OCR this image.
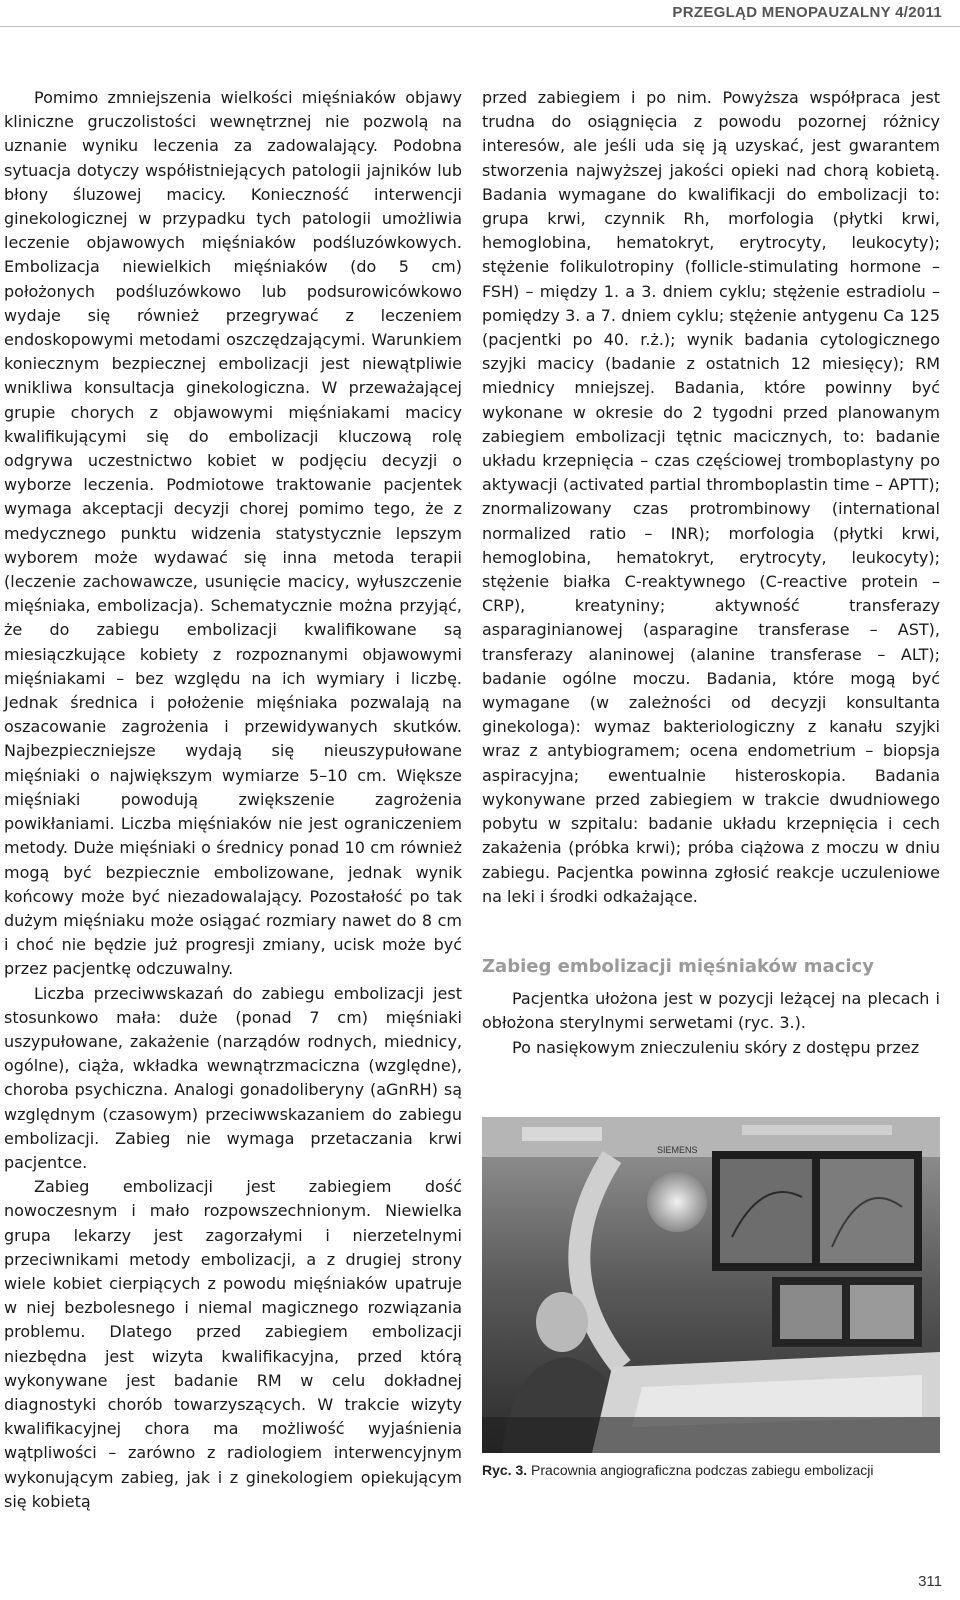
PRZEGLĄD MENOPAUZALNY 4/2011

Pomimo zmniejszenia wielkości mięśniaków objawy kliniczne gruczolistości wewnętrznej nie pozwolą na uznanie wyniku leczenia za zadowalający. Podobna sytuacja dotyczy współistniejących patologii jajników lub błony śluzowej macicy. Konieczność interwencji ginekologicznej w przypadku tych patologii umożliwia leczenie objawowych mięśniaków podśluzówkowych. Embolizacja niewielkich mięśniaków (do 5 cm) położonych podśluzówkowo lub podsurowicówkowo wydaje się również przegrywać z leczeniem endoskopowymi metodami oszczędzającymi. Warunkiem koniecznym bezpiecznej embolizacji jest niewątpliwie wnikliwa konsultacja ginekologiczna. W przeważającej grupie chorych z objawowymi mięśniakami macicy kwalifikującymi się do embolizacji kluczową rolę odgrywa uczestnictwo kobiet w podjęciu decyzji o wyborze leczenia. Podmiotowe traktowanie pacjentek wymaga akceptacji decyzji chorej pomimo tego, że z medycznego punktu widzenia statystycznie lepszym wyborem może wydawać się inna metoda terapii (leczenie zachowawcze, usunięcie macicy, wyłuszczenie mięśniaka, embolizacja). Schematycznie można przyjąć, że do zabiegu embolizacji kwalifikowane są miesiączkujące kobiety z rozpoznanymi objawowymi mięśniakami – bez względu na ich wymiary i liczbę. Jednak średnica i położenie mięśniaka pozwalają na oszacowanie zagrożenia i przewidywanych skutków. Najbezpieczniejsze wydają się nieuszypułowane mięśniaki o największym wymiarze 5–10 cm. Większe mięśniaki powodują zwiększenie zagrożenia powikłaniami. Liczba mięśniaków nie jest ograniczeniem metody. Duże mięśniaki o średnicy ponad 10 cm również mogą być bezpiecznie embolizowane, jednak wynik końcowy może być niezadowalający. Pozostałość po tak dużym mięśniaku może osiągać rozmiary nawet do 8 cm i choć nie będzie już progresji zmiany, ucisk może być przez pacjentkę odczuwalny.

Liczba przeciwwskazań do zabiegu embolizacji jest stosunkowo mała: duże (ponad 7 cm) mięśniaki uszypułowane, zakażenie (narządów rodnych, miednicy, ogólne), ciąża, wkładka wewnątrzmaciczna (względne), choroba psychiczna. Analogi gonadoliberyny (aGnRH) są względnym (czasowym) przeciwwskazaniem do zabiegu embolizacji. Zabieg nie wymaga przetaczania krwi pacjentce.

Zabieg embolizacji jest zabiegiem dość nowoczesnym i mało rozpowszechnionym. Niewielka grupa lekarzy jest zagorzałymi i nierzetelnymi przeciwnikami metody embolizacji, a z drugiej strony wiele kobiet cierpiących z powodu mięśniaków upatruje w niej bezbolesnego i niemal magicznego rozwiązania problemu. Dlatego przed zabiegiem embolizacji niezbędna jest wizyta kwalifikacyjna, przed którą wykonywane jest badanie RM w celu dokładnej diagnostyki chorób towarzyszących. W trakcie wizyty kwalifikacyjnej chora ma możliwość wyjaśnienia wątpliwości – zarówno z radiologiem interwencyjnym wykonującym zabieg, jak i z ginekologiem opiekującym się kobietą

przed zabiegiem i po nim. Powyższa współpraca jest trudna do osiągnięcia z powodu pozornej różnicy interesów, ale jeśli uda się ją uzyskać, jest gwarantem stworzenia najwyższej jakości opieki nad chorą kobietą. Badania wymagane do kwalifikacji do embolizacji to: grupa krwi, czynnik Rh, morfologia (płytki krwi, hemoglobina, hematokryt, erytrocyty, leukocyty); stężenie folikulotropiny (follicle-stimulating hormone – FSH) – między 1. a 3. dniem cyklu; stężenie estradiolu – pomiędzy 3. a 7. dniem cyklu; stężenie antygenu Ca 125 (pacjentki po 40. r.ż.); wynik badania cytologicznego szyjki macicy (badanie z ostatnich 12 miesięcy); RM miednicy mniejszej. Badania, które powinny być wykonane w okresie do 2 tygodni przed planowanym zabiegiem embolizacji tętnic macicznych, to: badanie układu krzepnięcia – czas częściowej tromboplastyny po aktywacji (activated partial thromboplastin time – APTT); znormalizowany czas protrombinowy (international normalized ratio – INR); morfologia (płytki krwi, hemoglobina, hematokryt, erytrocyty, leukocyty); stężenie białka C-reaktywnego (C-reactive protein – CRP), kreatyniny; aktywność transferazy asparaginianowej (asparagine transferase – AST), transferazy alaninowej (alanine transferase – ALT); badanie ogólne moczu. Badania, które mogą być wymagane (w zależności od decyzji konsultanta ginekologa): wymaz bakteriologiczny z kanału szyjki wraz z antybiogramem; ocena endometrium – biopsja aspiracyjna; ewentualnie histeroskopia. Badania wykonywane przed zabiegiem w trakcie dwudniowego pobytu w szpitalu: badanie układu krzepnięcia i cech zakażenia (próbka krwi); próba ciążowa z moczu w dniu zabiegu. Pacjentka powinna zgłosić reakcje uczuleniowe na leki i środki odkażające.

Zabieg embolizacji mięśniaków macicy

Pacjentka ułożona jest w pozycji leżącej na plecach i obłożona sterylnymi serwetami (ryc. 3.).

Po nasiękowym znieczuleniu skóry z dostępu przez

SIEMENS
Ryc. 3. Pracownia angiograficzna podczas zabiegu embolizacji
311
